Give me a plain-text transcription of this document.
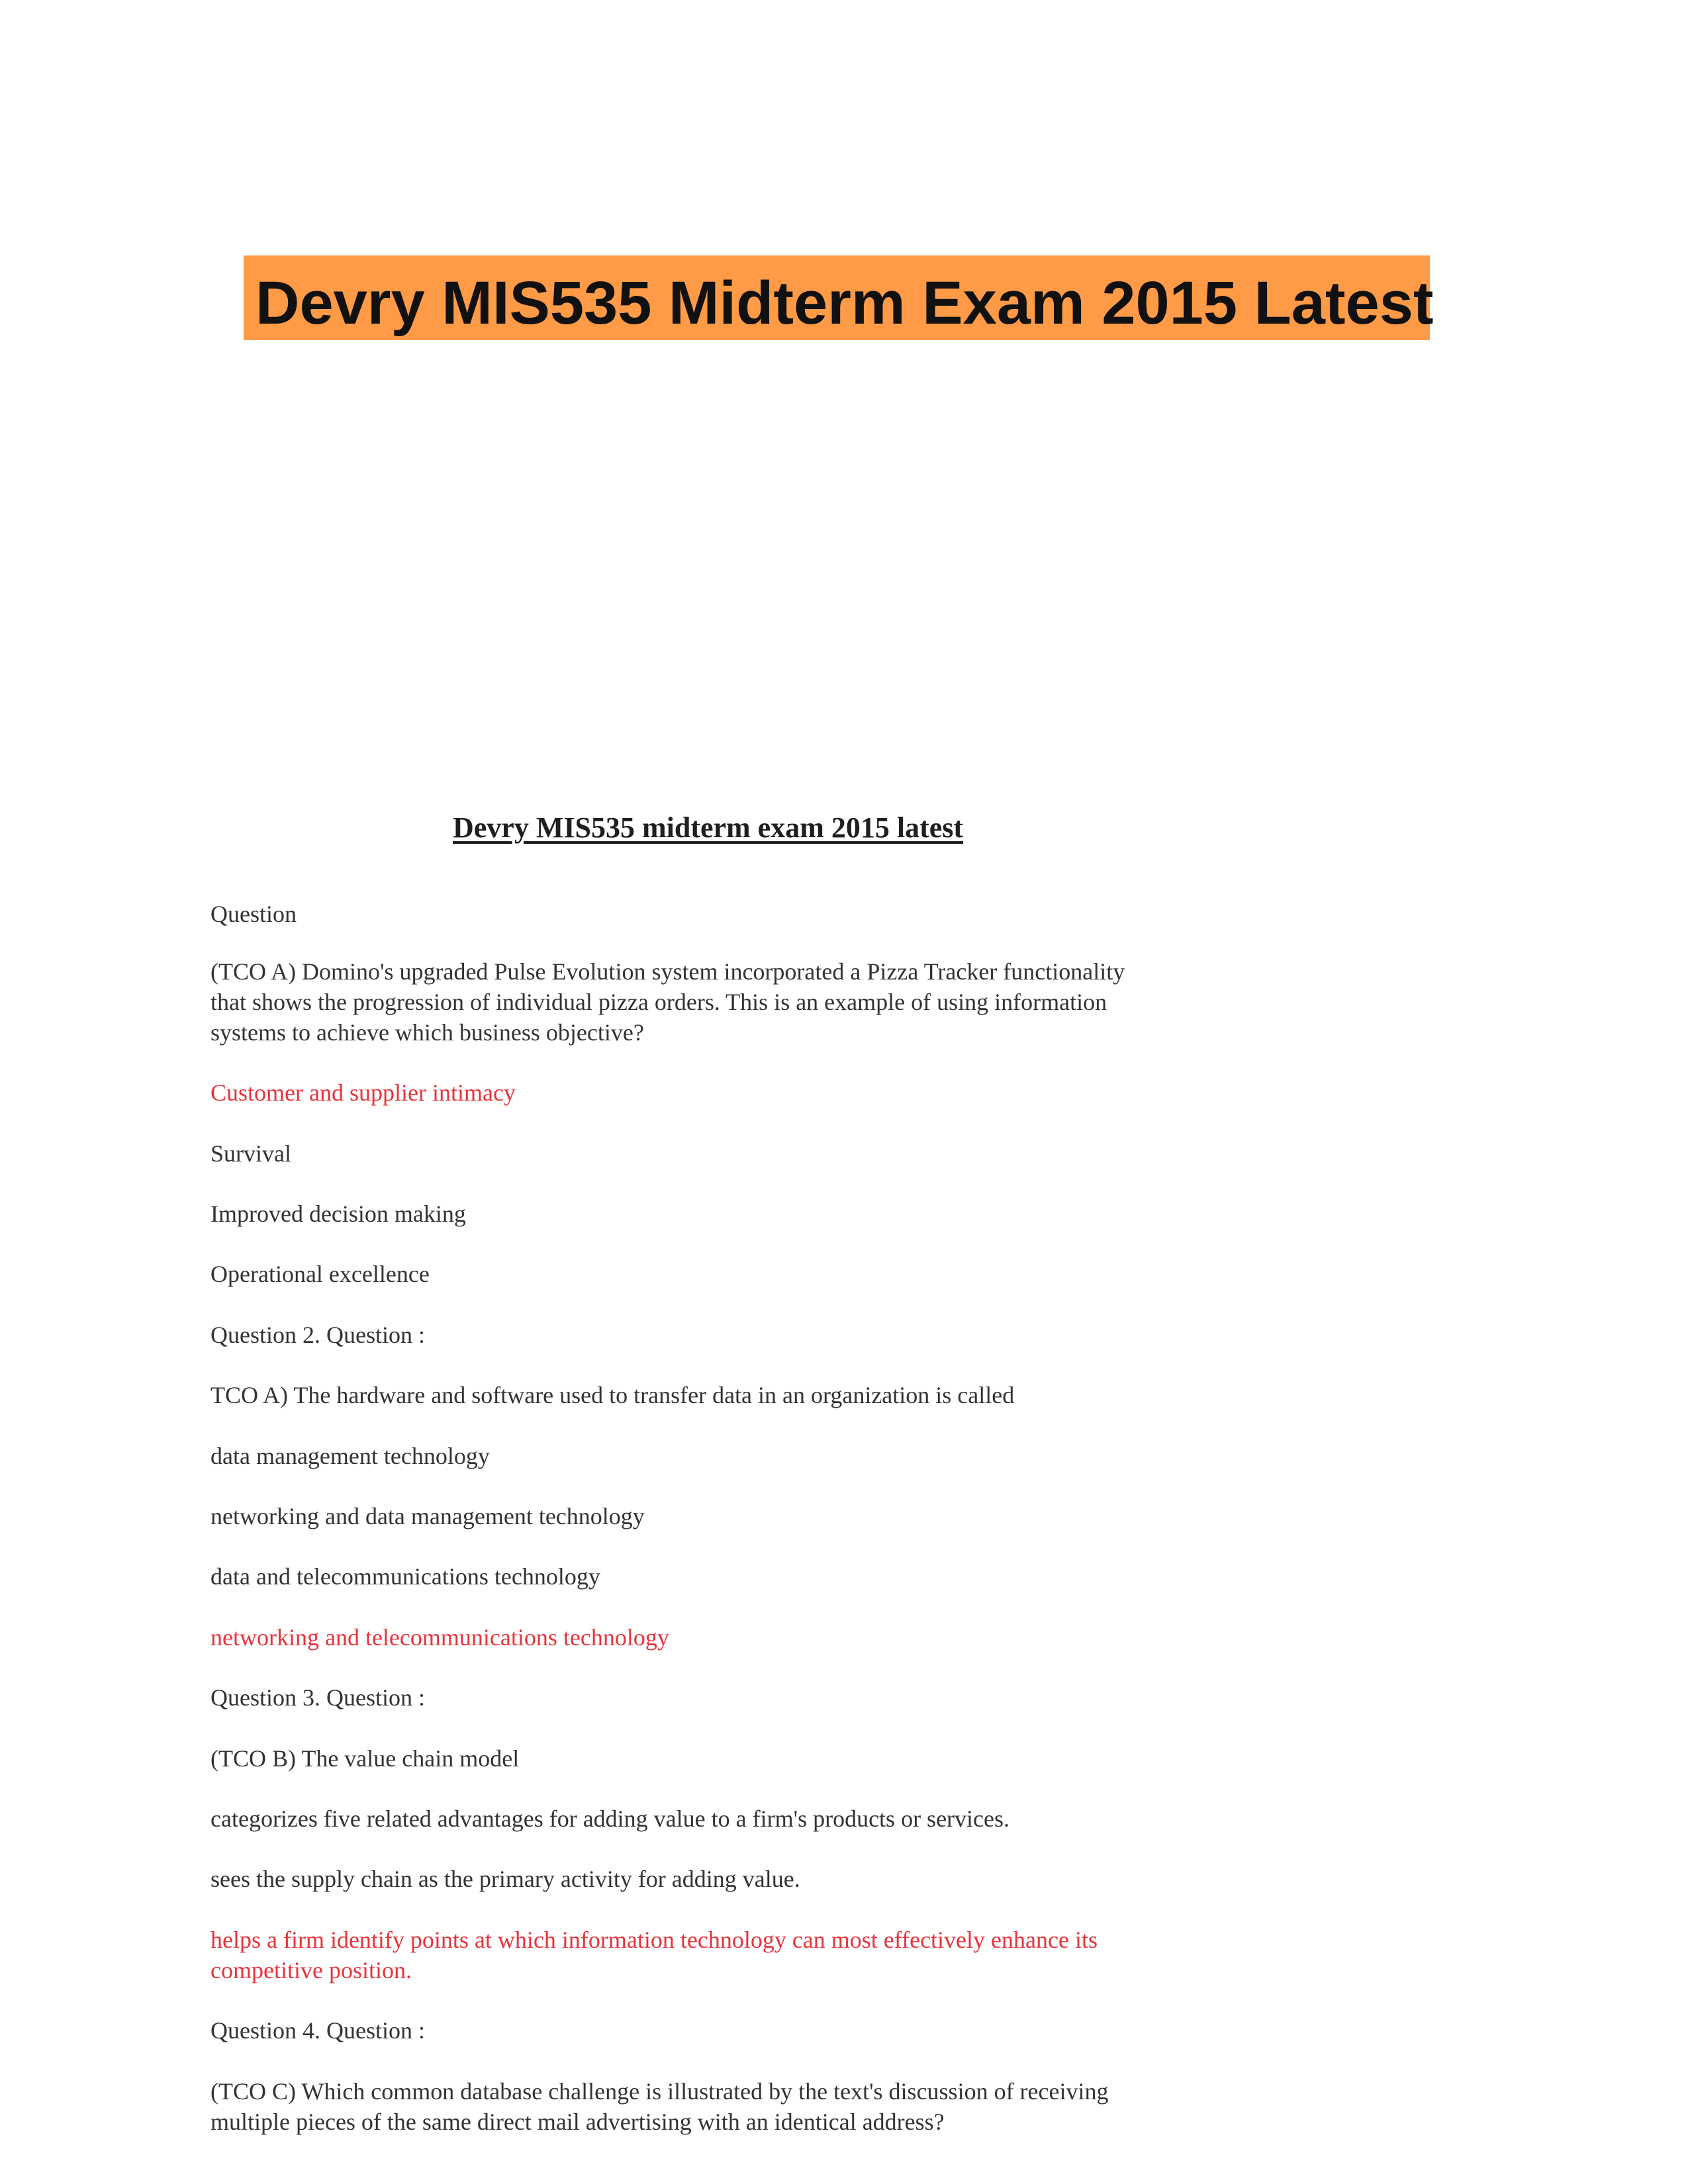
Devry MIS535 Midterm Exam 2015 Latest
Devry MIS535 midterm exam 2015 latest
Question
(TCO A) Domino's upgraded Pulse Evolution system incorporated a Pizza Tracker functionality
that shows the progression of individual pizza orders. This is an example of using information
systems to achieve which business objective?
Customer and supplier intimacy
Survival
Improved decision making
Operational excellence
Question 2. Question :
TCO A) The hardware and software used to transfer data in an organization is called
data management technology
networking and data management technology
data and telecommunications technology
networking and telecommunications technology
Question 3. Question :
(TCO B) The value chain model
categorizes five related advantages for adding value to a firm's products or services.
sees the supply chain as the primary activity for adding value.
helps a firm identify points at which information technology can most effectively enhance its
competitive position.
Question 4. Question :
(TCO C) Which common database challenge is illustrated by the text's discussion of receiving
multiple pieces of the same direct mail advertising with an identical address?
